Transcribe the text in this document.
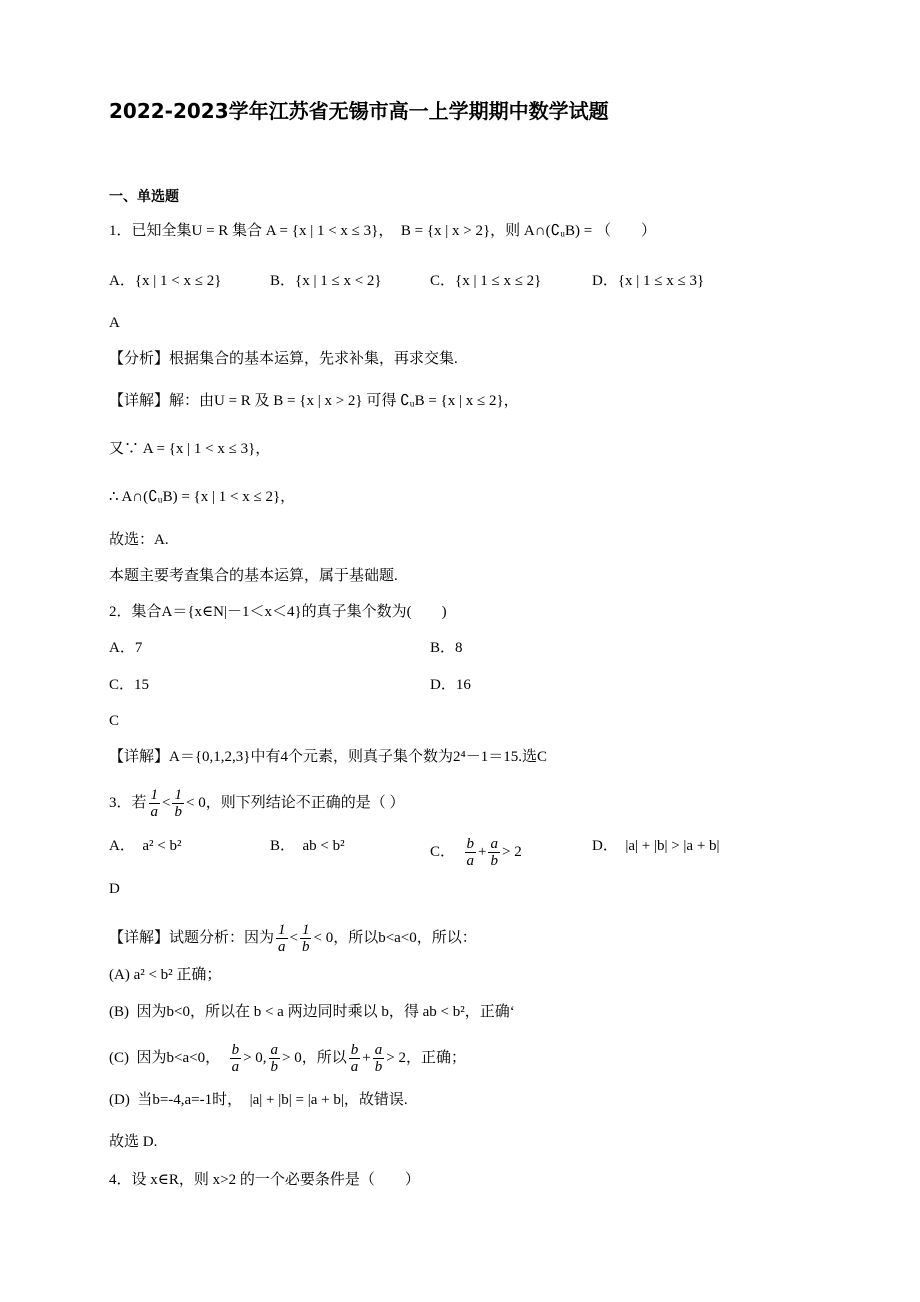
2022-2023学年江苏省无锡市高一上学期期中数学试题
一、单选题
1．已知全集U = R 集合 A = {x | 1 < x ≤ 3}，  B = {x | x > 2}，则 A∩(∁ᵤB) = （　　）
A．{x | 1 < x ≤ 2}	B．{x | 1 ≤ x < 2}	C．{x | 1 ≤ x ≤ 2}	D．{x | 1 ≤ x ≤ 3}
A
【分析】根据集合的基本运算，先求补集，再求交集.
【详解】解：由U = R 及 B = {x | x > 2} 可得 ∁ᵤB = {x | x ≤ 2}，
又∵ A = {x | 1 < x ≤ 3}，
∴ A∩(∁ᵤB) = {x | 1 < x ≤ 2}，
故选：A.
本题主要考查集合的基本运算，属于基础题.
2．集合A＝{x∈N|－1＜x＜4}的真子集个数为(　　)
A．7	B．8
C．15	D．16
C
【详解】A＝{0,1,2,3}中有4个元素，则真子集个数为2⁴－1＝15.选C
3．若 $\frac{1}{a} < \frac{1}{b} < 0$，则下列结论不正确的是（ ）
A．  a² < b²	B．  ab < b²	C． $\frac{b}{a} + \frac{a}{b} > 2$	D．  |a| + |b| > |a + b|
D
【详解】试题分析：因为 $\frac{1}{a} < \frac{1}{b} < 0$，所以b<a<0，所以：
(A) a² < b² 正确；
(B)  因为b<0，所以在 b < a 两边同时乘以 b，得 ab < b²，正确‘
(C)  因为b<a<0， $\frac{b}{a} > 0$, $\frac{a}{b} > 0$，所以 $\frac{b}{a} + \frac{a}{b} > 2$，正确；
(D)  当b=-4,a=-1时，  |a| + |b| = |a + b|，故错误.
故选 D.
4．设 x∈R，则 x>2 的一个必要条件是（　　）
